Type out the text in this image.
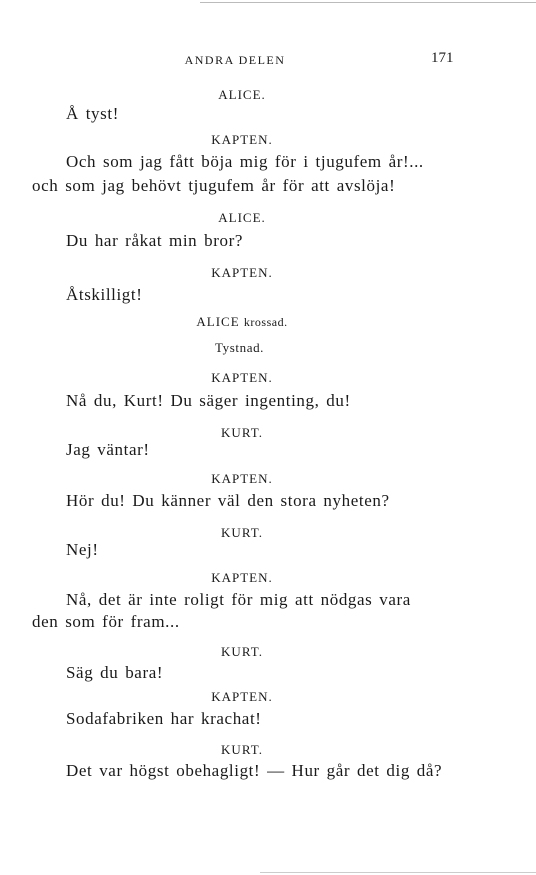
ANDRA DELEN	171
ALICE.
Å tyst!
KAPTEN.
Och som jag fått böja mig för i tjugufem år!...
och som jag behövt tjugufem år för att avslöja!
ALICE.
Du har råkat min bror?
KAPTEN.
Åtskilligt!
ALICE krossad.
Tystnad.
KAPTEN.
Nå du, Kurt! Du säger ingenting, du!
KURT.
Jag väntar!
KAPTEN.
Hör du! Du känner väl den stora nyheten?
KURT.
Nej!
KAPTEN.
Nå, det är inte roligt för mig att nödgas vara
den som för fram...
KURT.
Säg du bara!
KAPTEN.
Sodafabriken har krachat!
KURT.
Det var högst obehagligt! — Hur går det dig då?
